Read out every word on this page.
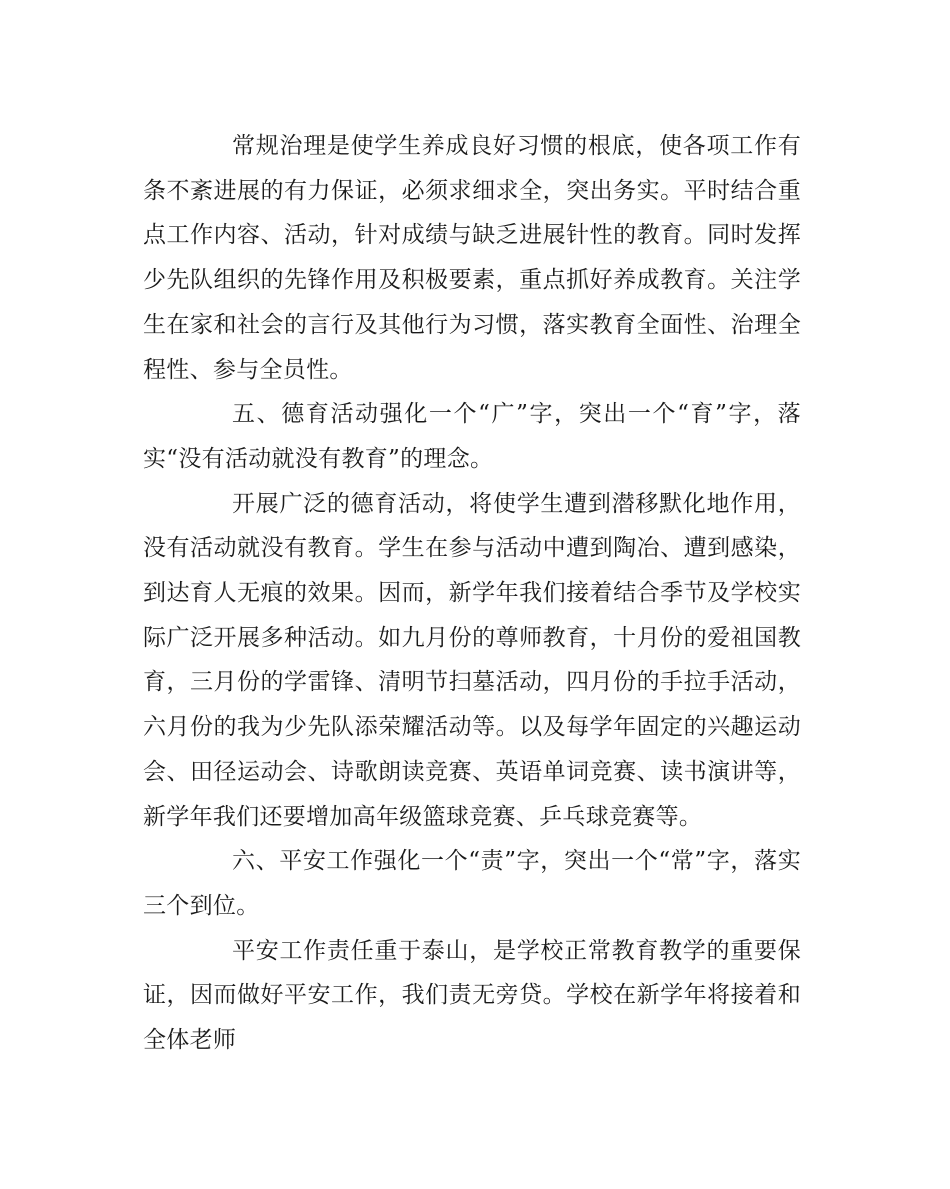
常规治理是使学生养成良好习惯的根底，使各项工作有条不紊进展的有力保证，必须求细求全，突出务实。平时结合重点工作内容、活动，针对成绩与缺乏进展针性的教育。同时发挥少先队组织的先锋作用及积极要素，重点抓好养成教育。关注学生在家和社会的言行及其他行为习惯，落实教育全面性、治理全程性、参与全员性。

五、德育活动强化一个“广”字，突出一个“育”字，落实“没有活动就没有教育”的理念。

开展广泛的德育活动，将使学生遭到潜移默化地作用，没有活动就没有教育。学生在参与活动中遭到陶冶、遭到感染，到达育人无痕的效果。因而，新学年我们接着结合季节及学校实际广泛开展多种活动。如九月份的尊师教育，十月份的爱祖国教育，三月份的学雷锋、清明节扫墓活动，四月份的手拉手活动，六月份的我为少先队添荣耀活动等。以及每学年固定的兴趣运动会、田径运动会、诗歌朗读竞赛、英语单词竞赛、读书演讲等，新学年我们还要增加高年级篮球竞赛、乒乓球竞赛等。

六、平安工作强化一个“责”字，突出一个“常”字，落实三个到位。

平安工作责任重于泰山，是学校正常教育教学的重要保证，因而做好平安工作，我们责无旁贷。学校在新学年将接着和全体老师
